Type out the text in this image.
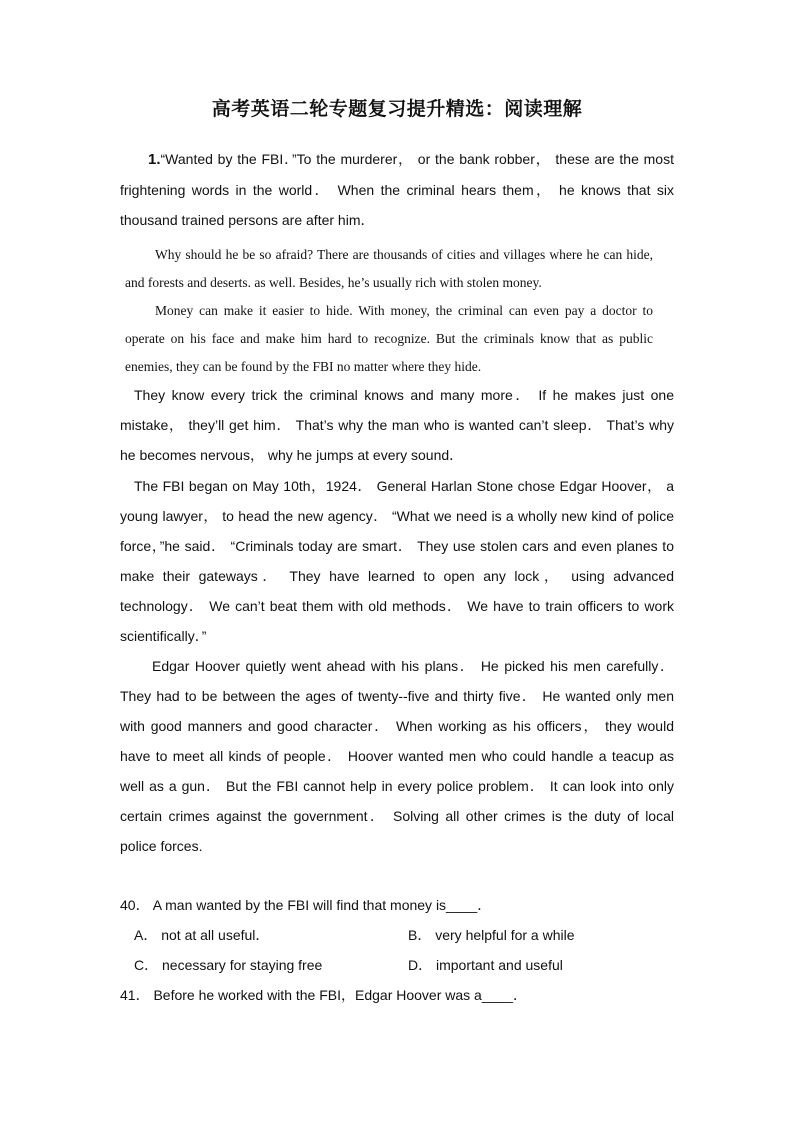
高考英语二轮专题复习提升精选：阅读理解

1.“Wanted by the FBI．”To the murderer， or the bank robber， these are the most frightening words in the world． When the criminal hears them， he knows that six thousand trained persons are after him．

Why should he be so afraid? There are thousands of cities and villages where he can hide, and forests and deserts. as well. Besides, he’s usually rich with stolen money.

Money can make it easier to hide. With money, the criminal can even pay a doctor to operate on his face and make him hard to recognize. But the criminals know that as public enemies, they can be found by the FBI no matter where they hide.

They know every trick the criminal knows and many more． If he makes just one mistake， they’ll get him． That’s why the man who is wanted can’t sleep． That’s why he becomes nervous， why he jumps at every sound．

The FBI began on May 10th，1924． General Harlan Stone chose Edgar Hoover， a young lawyer， to head the new agency． “What we need is a wholly new kind of police force，”he said． “Criminals today are smart． They use stolen cars and even planes to make their gateways． They have learned to open any lock， using advanced technology． We can’t beat them with old methods． We have to train officers to work scientifically．”

Edgar Hoover quietly went ahead with his plans． He picked his men carefully． They had to be between the ages of twenty--five and thirty five． He wanted only men with good manners and good character． When working as his officers， they would have to meet all kinds of people． Hoover wanted men who could handle a teacup as well as a gun． But the FBI cannot help in every police problem． It can look into only certain crimes against the government． Solving all other crimes is the duty of local police forces.

40． A man wanted by the FBI will find that money is____．
A． not at all useful．	B． very helpful for a while
C． necessary for staying free	D． important and useful
41． Before he worked with the FBI，Edgar Hoover was a____．
